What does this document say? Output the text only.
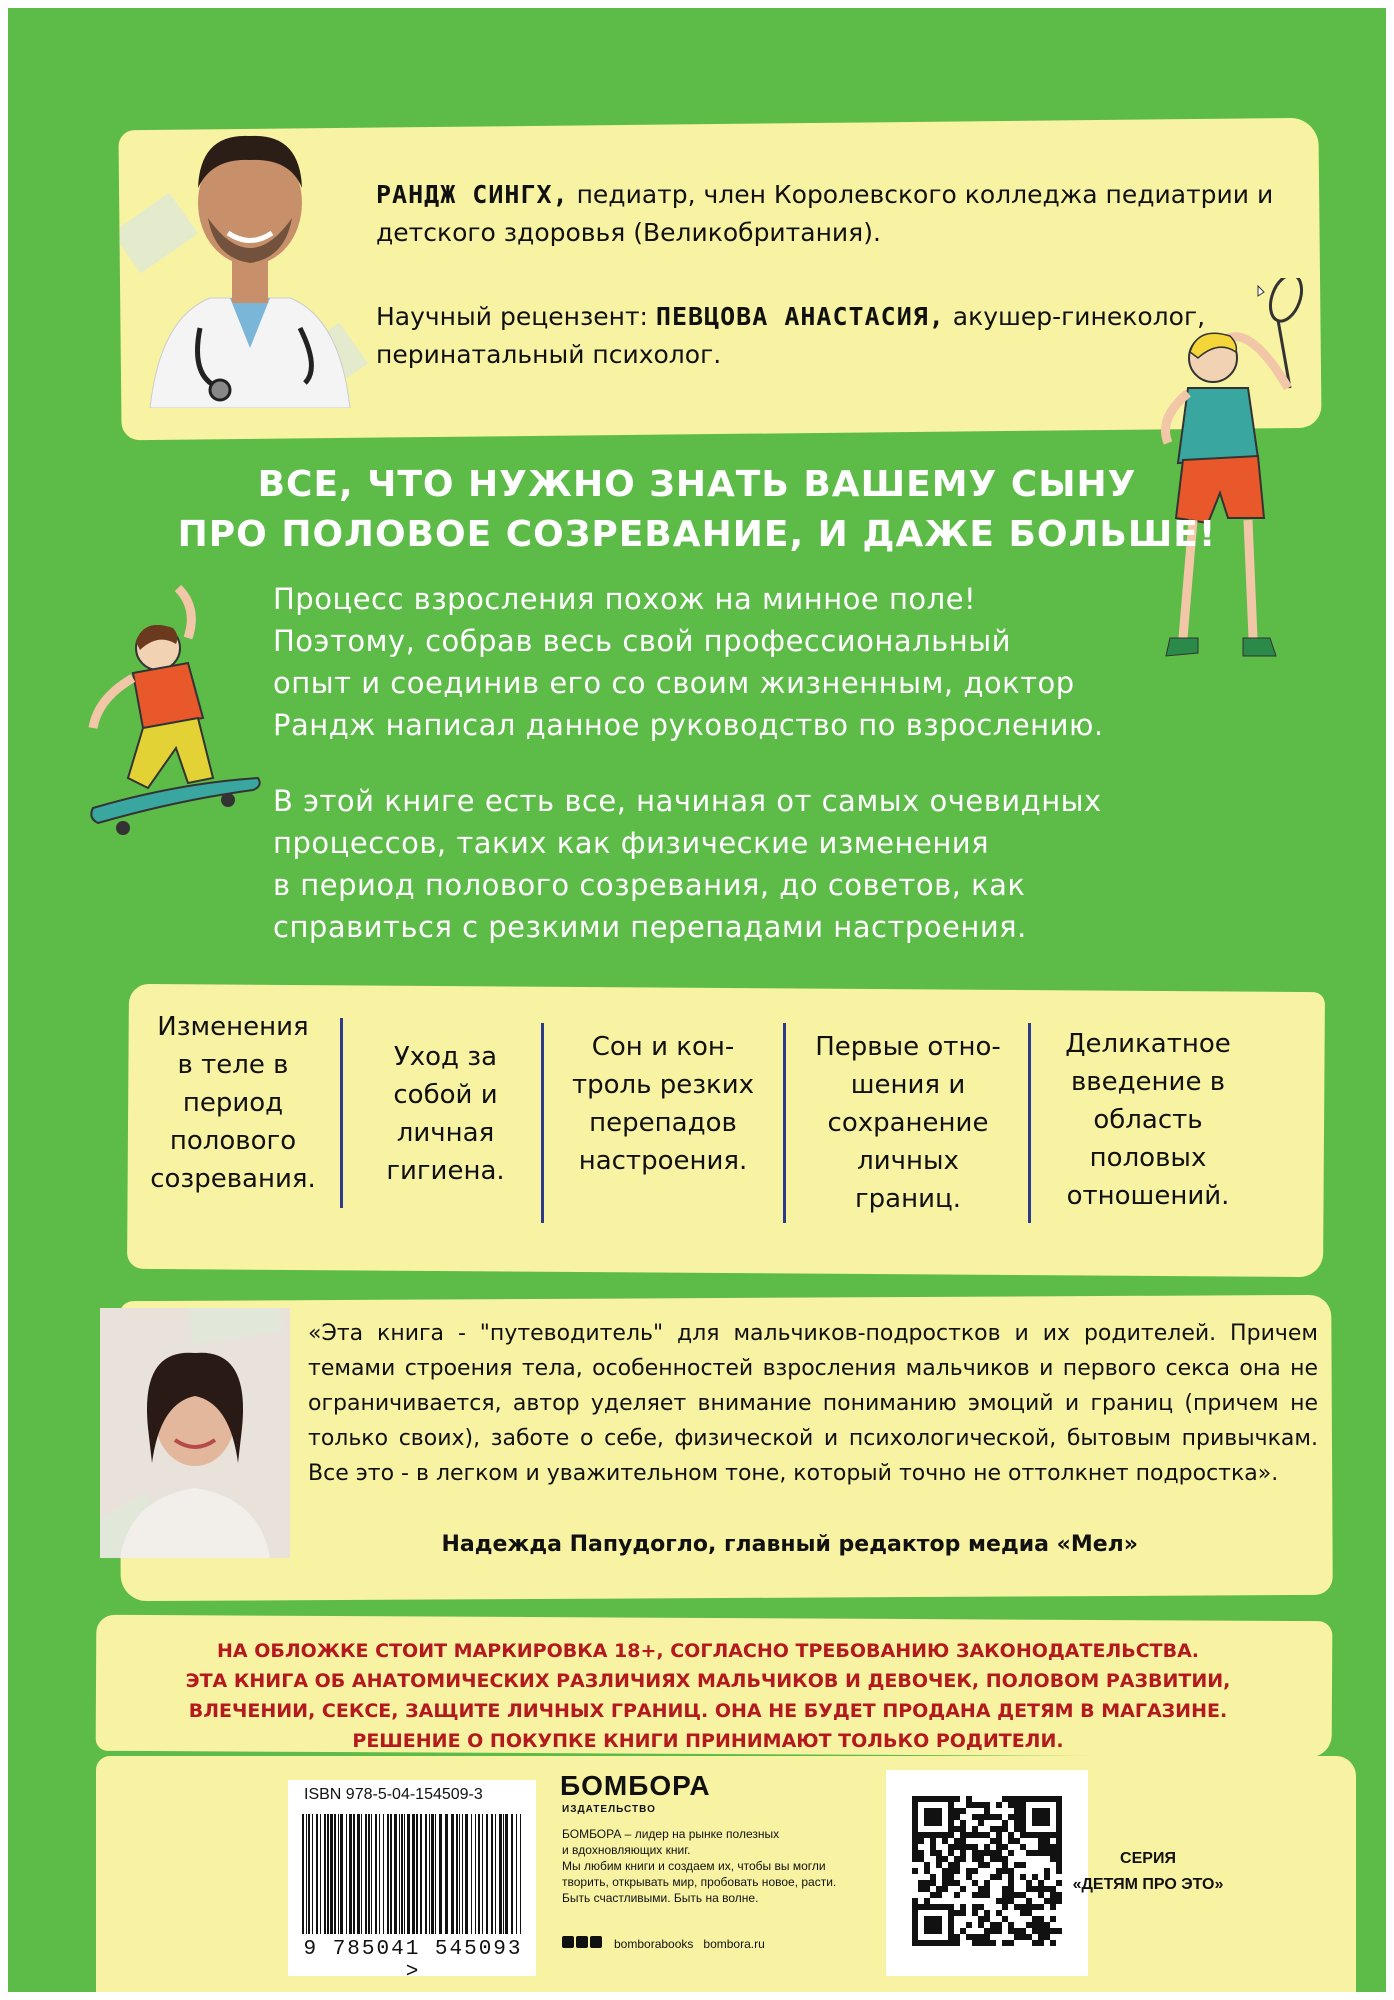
РАНДЖ СИНГХ, педиатр, член Королевского колледжа педиатрии и детского здоровья (Великобритания).
Научный рецензент: ПЕВЦОВА АНАСТАСИЯ, акушер-гинеколог, перинатальный психолог.
ВСЕ, ЧТО НУЖНО ЗНАТЬ ВАШЕМУ СЫНУ
ПРО ПОЛОВОЕ СОЗРЕВАНИЕ, И ДАЖЕ БОЛЬШЕ!
Процесс взросления похож на минное поле!
Поэтому, собрав весь свой профессиональный
опыт и соединив его со своим жизненным, доктор
Рандж написал данное руководство по взрослению.
В этой книге есть все, начиная от самых очевидных
процессов, таких как физические изменения
в период полового созревания, до советов, как
справиться с резкими перепадами настроения.
Изменения
в теле в
период
полового
созревания.
Уход за
собой и
личная
гигиена.
Сон и кон-
троль резких
перепадов
настроения.
Первые отно-
шения и
сохранение
личных
границ.
Деликатное
введение в
область
половых
отношений.
«Эта книга - "путеводитель" для мальчиков-подростков и их родителей. Причем темами строения тела, особенностей взросления мальчиков и первого секса она не ограничивается, автор уделяет внимание пониманию эмоций и границ (причем не только своих), заботе о себе, физической и психологической, бытовым привычкам. Все это - в легком и уважительном тоне, который точно не оттолкнет подростка».
Надежда Папудогло, главный редактор медиа «Мел»
НА ОБЛОЖКЕ СТОИТ МАРКИРОВКА 18+, СОГЛАСНО ТРЕБОВАНИЮ ЗАКОНОДАТЕЛЬСТВА.
ЭТА КНИГА ОБ АНАТОМИЧЕСКИХ РАЗЛИЧИЯХ МАЛЬЧИКОВ И ДЕВОЧЕК, ПОЛОВОМ РАЗВИТИИ,
ВЛЕЧЕНИИ, СЕКСЕ, ЗАЩИТЕ ЛИЧНЫХ ГРАНИЦ. ОНА НЕ БУДЕТ ПРОДАНА ДЕТЯМ В МАГАЗИНЕ.
РЕШЕНИЕ О ПОКУПКЕ КНИГИ ПРИНИМАЮТ ТОЛЬКО РОДИТЕЛИ.
ISBN 978-5-04-154509-3
9 785041 545093 >
БОМБОРА
ИЗДАТЕЛЬСТВО
БОМБОРА – лидер на рынке полезных
и вдохновляющих книг.
Мы любим книги и создаем их, чтобы вы могли
творить, открывать мир, пробовать новое, расти.
Быть счастливыми. Быть на волне.
bomborabooks bombora.ru
СЕРИЯ
«ДЕТЯМ ПРО ЭТО»
